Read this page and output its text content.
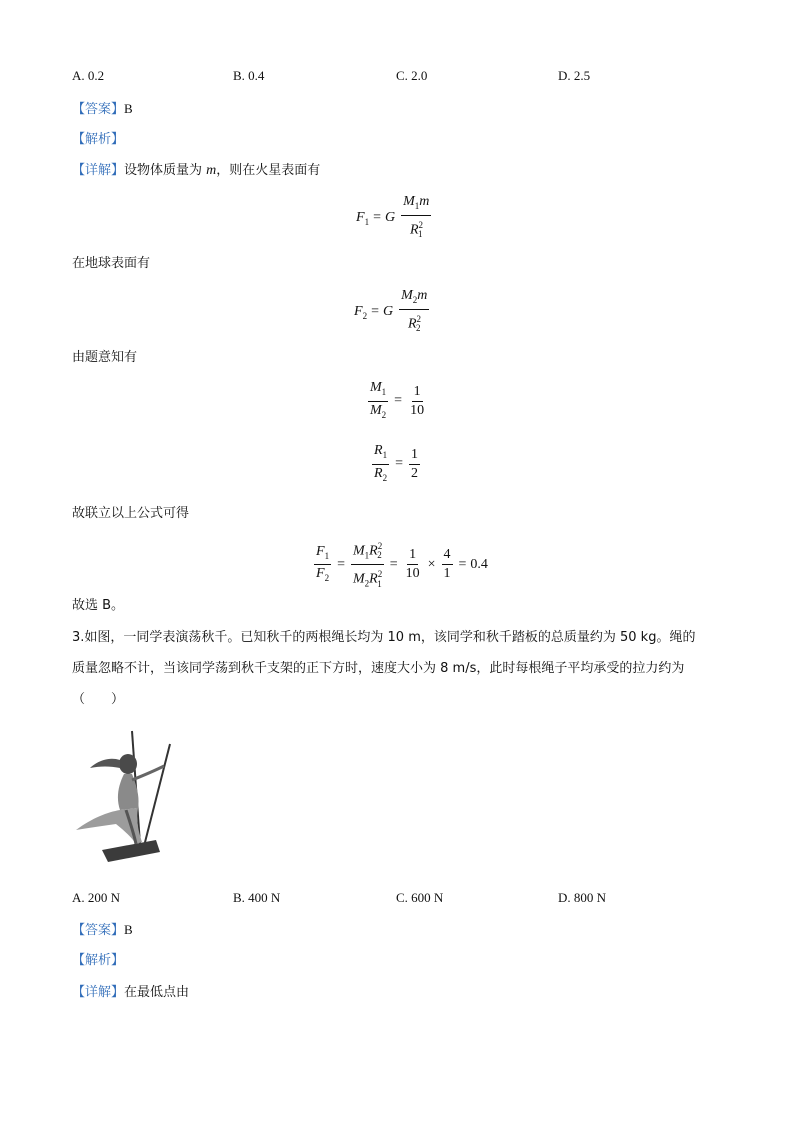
A. 0.2	B. 0.4	C. 2.0	D. 2.5
【答案】B
【解析】
【详解】设物体质量为 m，则在火星表面有
$F_1 = G \frac{M_1m}{R^2_1}$
在地球表面有
$F_2 = G \frac{M_2m}{R^2_2}$
由题意知有
$\frac{M_1}{M_2} = \frac{1}{10}$
$\frac{R_1}{R_2} = \frac{1}{2}$
故联立以上公式可得
$\frac{F_1}{F_2} = \frac{M_1R^2_2}{M_2R^2_1} = \frac{1}{10} \times \frac{4}{1} = 0.4$
故选 B。
3.如图，一同学表演荡秋千。已知秋千的两根绳长均为 10 m，该同学和秋千踏板的总质量约为 50 kg。绳的
质量忽略不计，当该同学荡到秋千支架的正下方时，速度大小为 8 m/s，此时每根绳子平均承受的拉力约为
（　　）
A. 200 N	B. 400 N	C. 600 N	D. 800 N
【答案】B
【解析】
【详解】在最低点由
